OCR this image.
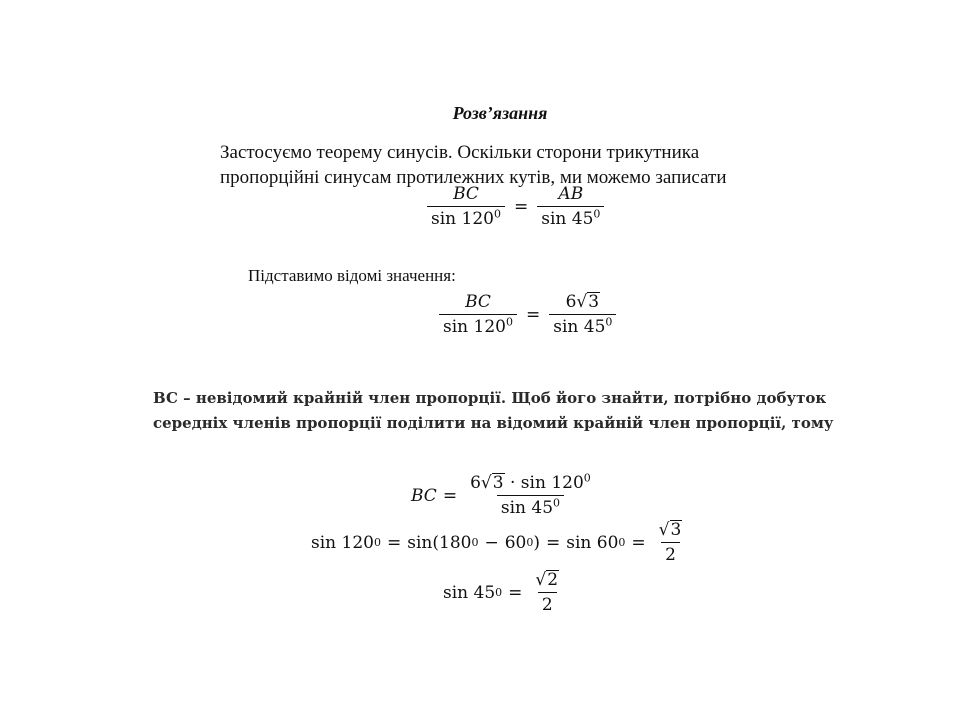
Розв’язання
Застосуємо теорему синусів. Оскільки сторони трикутника
пропорційні синусам протилежних кутів, ми можемо записати
$\frac{BC}{\sin 120^0} = \frac{AB}{\sin 45^0}$
Підставимо відомі значення:
$\frac{BC}{\sin 120^0} = \frac{6 √ 3}{\sin 45^0}$
BC – невідомий крайній член пропорції. Щоб його знайти, потрібно добуток
середніх членів пропорції поділити на відомий крайній член пропорції, тому
BC = $\frac{6 √ 3 \cdot \sin 120^0}{\sin 45^0}$
sin
120 0 = sin ( 180 0 − 60 0 ) = sin
60 $0 = \frac{√ 3}{2}$
sin
45 $0 = \frac{√ 2}{2}$
